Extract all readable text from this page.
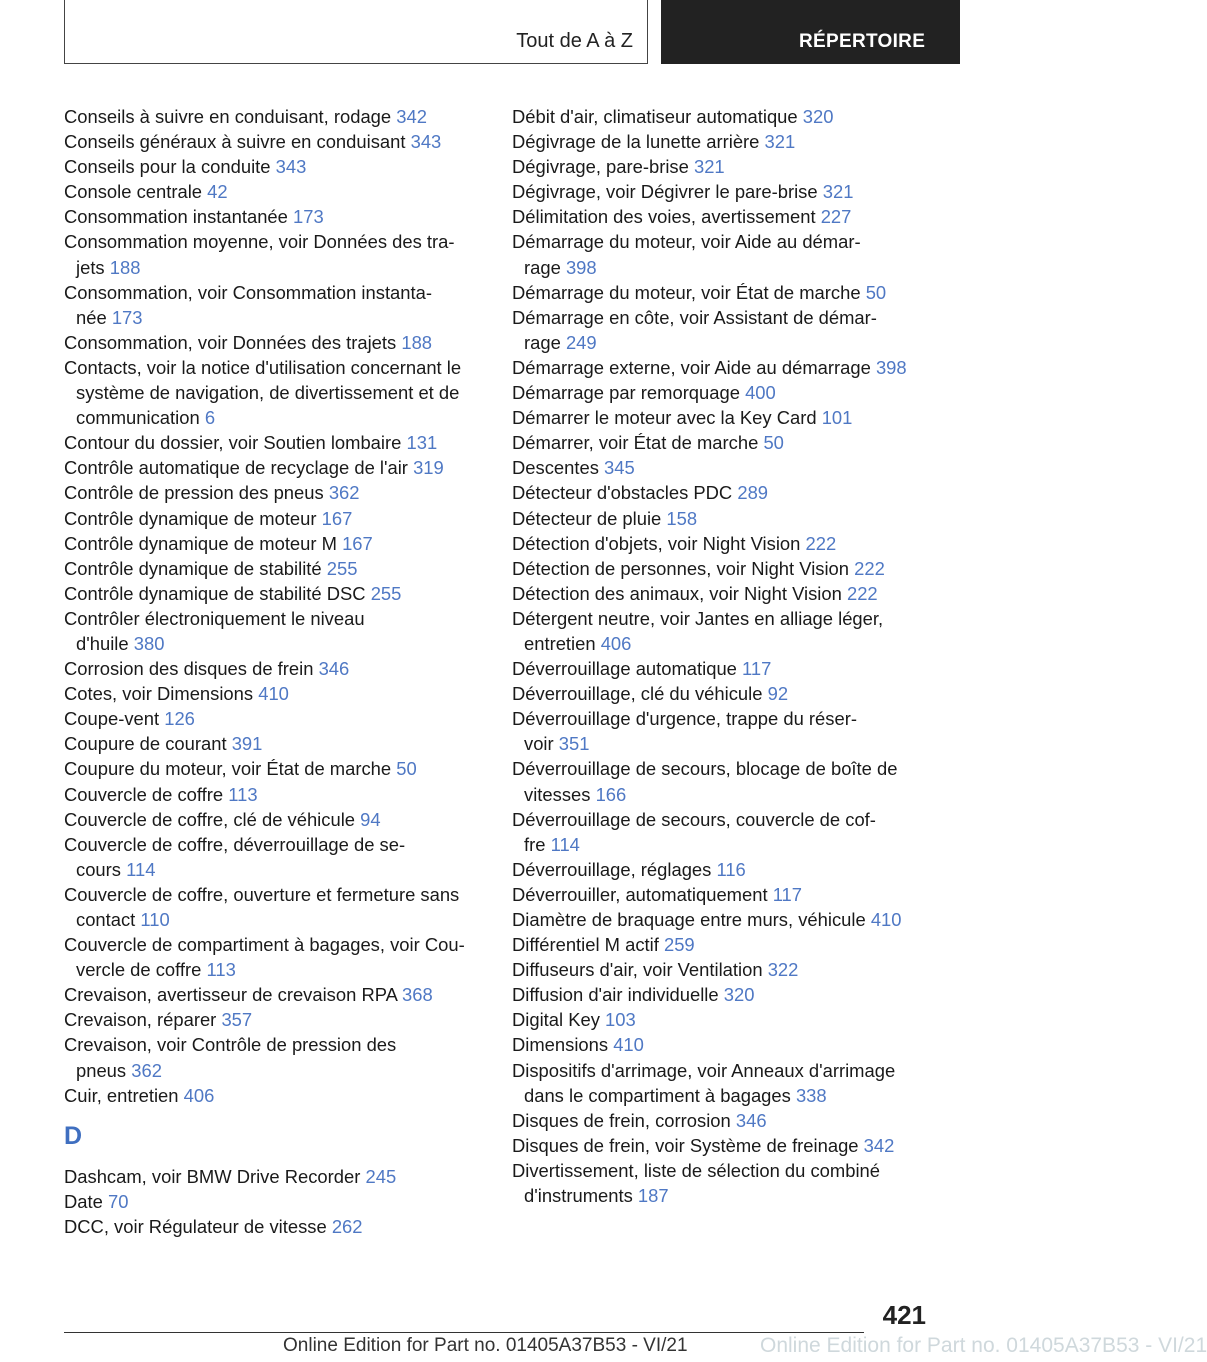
Tout de A à Z	RÉPERTOIRE
Conseils à suivre en conduisant, rodage 342
Conseils généraux à suivre en conduisant 343
Conseils pour la conduite 343
Console centrale 42
Consommation instantanée 173
Consommation moyenne, voir Données des tra-
jets 188
Consommation, voir Consommation instanta-
née 173
Consommation, voir Données des trajets 188
Contacts, voir la notice d'utilisation concernant le
système de navigation, de divertissement et de
communication 6
Contour du dossier, voir Soutien lombaire 131
Contrôle automatique de recyclage de l'air 319
Contrôle de pression des pneus 362
Contrôle dynamique de moteur 167
Contrôle dynamique de moteur M 167
Contrôle dynamique de stabilité 255
Contrôle dynamique de stabilité DSC 255
Contrôler électroniquement le niveau
d'huile 380
Corrosion des disques de frein 346
Cotes, voir Dimensions 410
Coupe-vent 126
Coupure de courant 391
Coupure du moteur, voir État de marche 50
Couvercle de coffre 113
Couvercle de coffre, clé de véhicule 94
Couvercle de coffre, déverrouillage de se-
cours 114
Couvercle de coffre, ouverture et fermeture sans
contact 110
Couvercle de compartiment à bagages, voir Cou-
vercle de coffre 113
Crevaison, avertisseur de crevaison RPA 368
Crevaison, réparer 357
Crevaison, voir Contrôle de pression des
pneus 362
Cuir, entretien 406
D
Dashcam, voir BMW Drive Recorder 245
Date 70
DCC, voir Régulateur de vitesse 262
Débit d'air, climatiseur automatique 320
Dégivrage de la lunette arrière 321
Dégivrage, pare-brise 321
Dégivrage, voir Dégivrer le pare-brise 321
Délimitation des voies, avertissement 227
Démarrage du moteur, voir Aide au démar-
rage 398
Démarrage du moteur, voir État de marche 50
Démarrage en côte, voir Assistant de démar-
rage 249
Démarrage externe, voir Aide au démarrage 398
Démarrage par remorquage 400
Démarrer le moteur avec la Key Card 101
Démarrer, voir État de marche 50
Descentes 345
Détecteur d'obstacles PDC 289
Détecteur de pluie 158
Détection d'objets, voir Night Vision 222
Détection de personnes, voir Night Vision 222
Détection des animaux, voir Night Vision 222
Détergent neutre, voir Jantes en alliage léger,
entretien 406
Déverrouillage automatique 117
Déverrouillage, clé du véhicule 92
Déverrouillage d'urgence, trappe du réser-
voir 351
Déverrouillage de secours, blocage de boîte de
vitesses 166
Déverrouillage de secours, couvercle de cof-
fre 114
Déverrouillage, réglages 116
Déverrouiller, automatiquement 117
Diamètre de braquage entre murs, véhicule 410
Différentiel M actif 259
Diffuseurs d'air, voir Ventilation 322
Diffusion d'air individuelle 320
Digital Key 103
Dimensions 410
Dispositifs d'arrimage, voir Anneaux d'arrimage
dans le compartiment à bagages 338
Disques de frein, corrosion 346
Disques de frein, voir Système de freinage 342
Divertissement, liste de sélection du combiné
d'instruments 187
421
Online Edition for Part no. 01405A37B53 - VI/21	Online Edition for Part no. 01405A37B53 - VI/21
